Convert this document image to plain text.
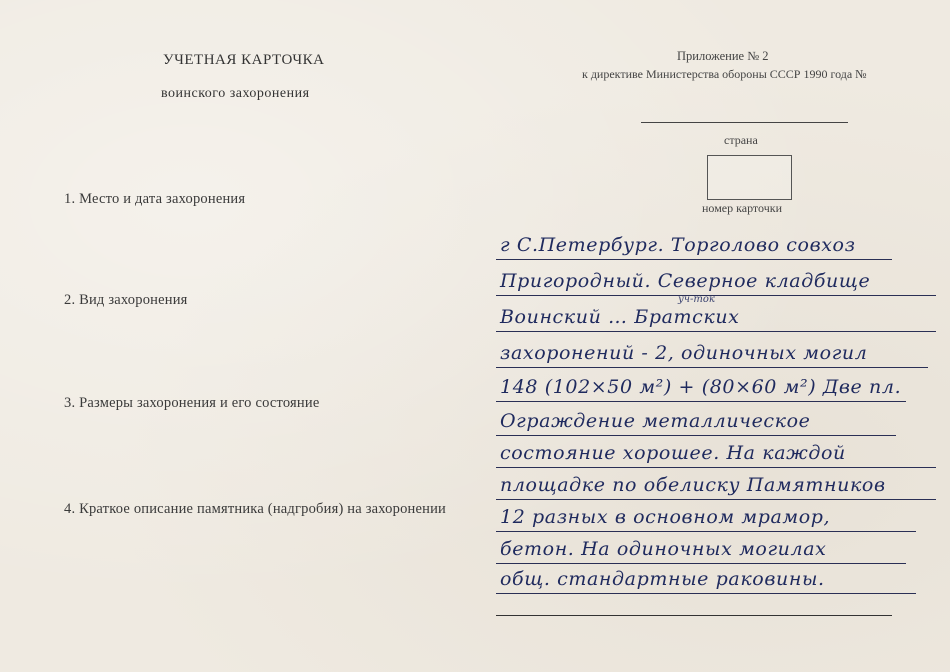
УЧЕТНАЯ КАРТОЧКА
воинского захоронения
Приложение № 2
к директиве Министерства обороны СССР 1990 года №
страна
номер карточки
1. Место и дата захоронения
2. Вид захоронения
3. Размеры захоронения и его состояние
4. Краткое описание памятника (надгробия) на захоронении
уч-ток
г С.Петербург. Торголово совхоз
Пригородный. Северное кладбище
Воинский … Братских
захоронений - 2, одиночных могил
148 (102×50 м²) + (80×60 м²) Две пл.
Ограждение металлическое
состояние хорошее. На каждой
площадке по обелиску Памятников
12 разных в основном мрамор,
бетон. На одиночных могилах
общ. стандартные раковины.
